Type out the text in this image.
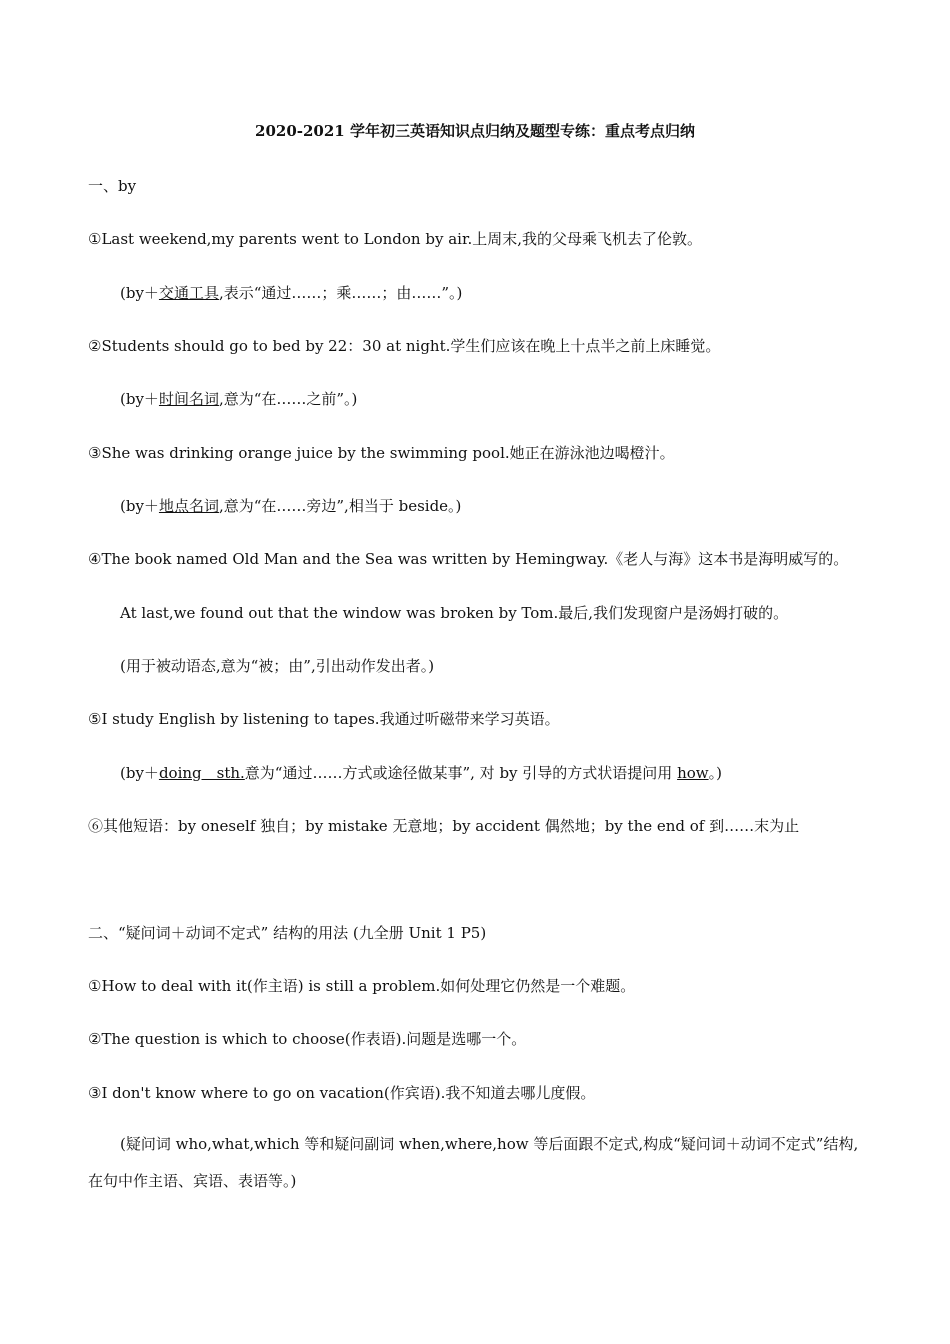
2020-2021 学年初三英语知识点归纳及题型专练：重点考点归纳
一、by
①Last weekend,my parents went to London by air.上周末,我的父母乘飞机去了伦敦。
(by＋交通工具,表示“通过……；乘……；由……”。)
②Students should go to bed by 22：30 at night.学生们应该在晚上十点半之前上床睡觉。
(by＋时间名词,意为“在……之前”。)
③She was drinking orange juice by the swimming pool.她正在游泳池边喝橙汁。
(by＋地点名词,意为“在……旁边”,相当于 beside。)
④The book named Old Man and the Sea was written by Hemingway.《老人与海》这本书是海明威写的。
At last,we found out that the window was broken by Tom.最后,我们发现窗户是汤姆打破的。
(用于被动语态,意为“被；由”,引出动作发出者。)
⑤I study English by listening to tapes.我通过听磁带来学习英语。
(by＋doing　sth.意为“通过……方式或途径做某事”, 对 by 引导的方式状语提问用 how。)
⑥其他短语：by oneself 独自；by mistake 无意地；by accident 偶然地；by the end of 到……末为止
二、“疑问词＋动词不定式” 结构的用法 (九全册 Unit 1 P5)
①How to deal with it(作主语) is still a problem.如何处理它仍然是一个难题。
②The question is which to choose(作表语).问题是选哪一个。
③I don't know where to go on vacation(作宾语).我不知道去哪儿度假。
(疑问词 who,what,which 等和疑问副词 when,where,how 等后面跟不定式,构成“疑问词＋动词不定式”结构,在句中作主语、宾语、表语等。)
